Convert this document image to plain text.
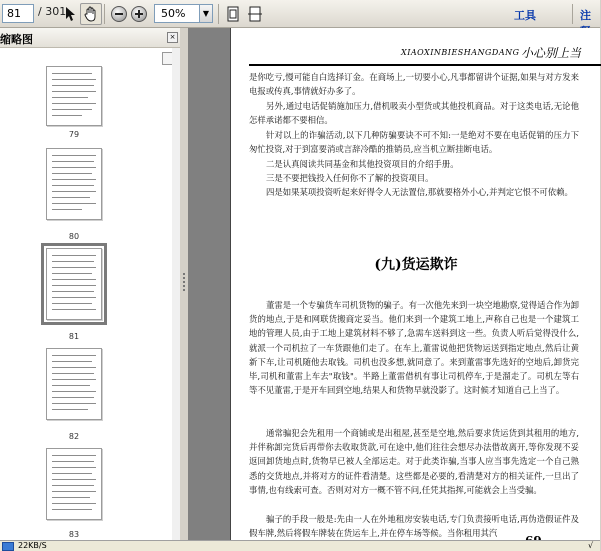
81	/ 301	50%	▼	工具	注
缩略图	×
79
80
81
82
83
XIAOXINBIESHANGDANG 小心别上当

是你吃亏,慢可能自白选择订金。在商场上,一切要小心,凡事都留讲个证据,如果与对方发来电报或传真,事情就好办多了。

另外,通过电话促销施加压力,借机吸卖小型货或其他投机商品。对于这类电话,无论他怎样承诺都不要相信。

针对以上的诈骗活动,以下几种防骗要诀不可不知:一是绝对不要在电话促销的压力下匆忙投资,对于到富要消或言辞冷酷的推销员,应当机立断挂断电话。

二是认真阅读共同基金和其他投资项目的介绍手册。

三是不要把钱投入任何你不了解的投资项目。

四是如果某项投资听起来好得令人无法置信,那就要格外小心,并判定它恨不可依赖。

(九)货运欺诈

董雷是一个专骗货车司机货物的骗子。有一次他先来到一块空地勘察,觉得适合作为卸货的地点,于是和网联货搬商定妥当。他们来到一个建筑工地上,声称自己也是一个建筑工地的管理人员,由于工地上建筑材料不够了,急需车送料到这一些。负责人听后觉得没什么,就派一个司机拉了一车货跟他们走了。在车上,董雷说他把货物运送到指定地点,然后让黄新下车,让司机随他去取钱。司机也没多想,就同意了。来到董雷事先选好的空地后,卸货完毕,司机和董雷上车去"取钱"。半路上董雷借机有事让司机停车,于是溜走了。司机左等右等不见董雷,于是开车回到空地,结果人和货物早就没影了。这时候才知道自己上当了。

通常骗犯会先租用一个商铺或是出租屋,甚至是空地,然后要求货运货到其租用的地方,并伴称卸完货后再带你去收取货款,可在途中,他们往往会想尽办法借故离开,等你发现不妥返回卸货地点时,货物早已被人全部运走。对于此类诈骗,当事人应当事先选定一个自己熟悉的交货地点,并将对方的证件看清楚。这些都是必要的,看清楚对方的相关证件,一旦出了事情,也有线索可查。否则对对方一概不管不问,任凭其指挥,可能就会上当受骗。

骗子的手段一般是:先由一人在外地租房安装电话,专门负责接听电话,再伪造假证件及假车牌,然后将假车牌装在货运车上,并在停车场等候。当你租用其汽

22KB/S	√
